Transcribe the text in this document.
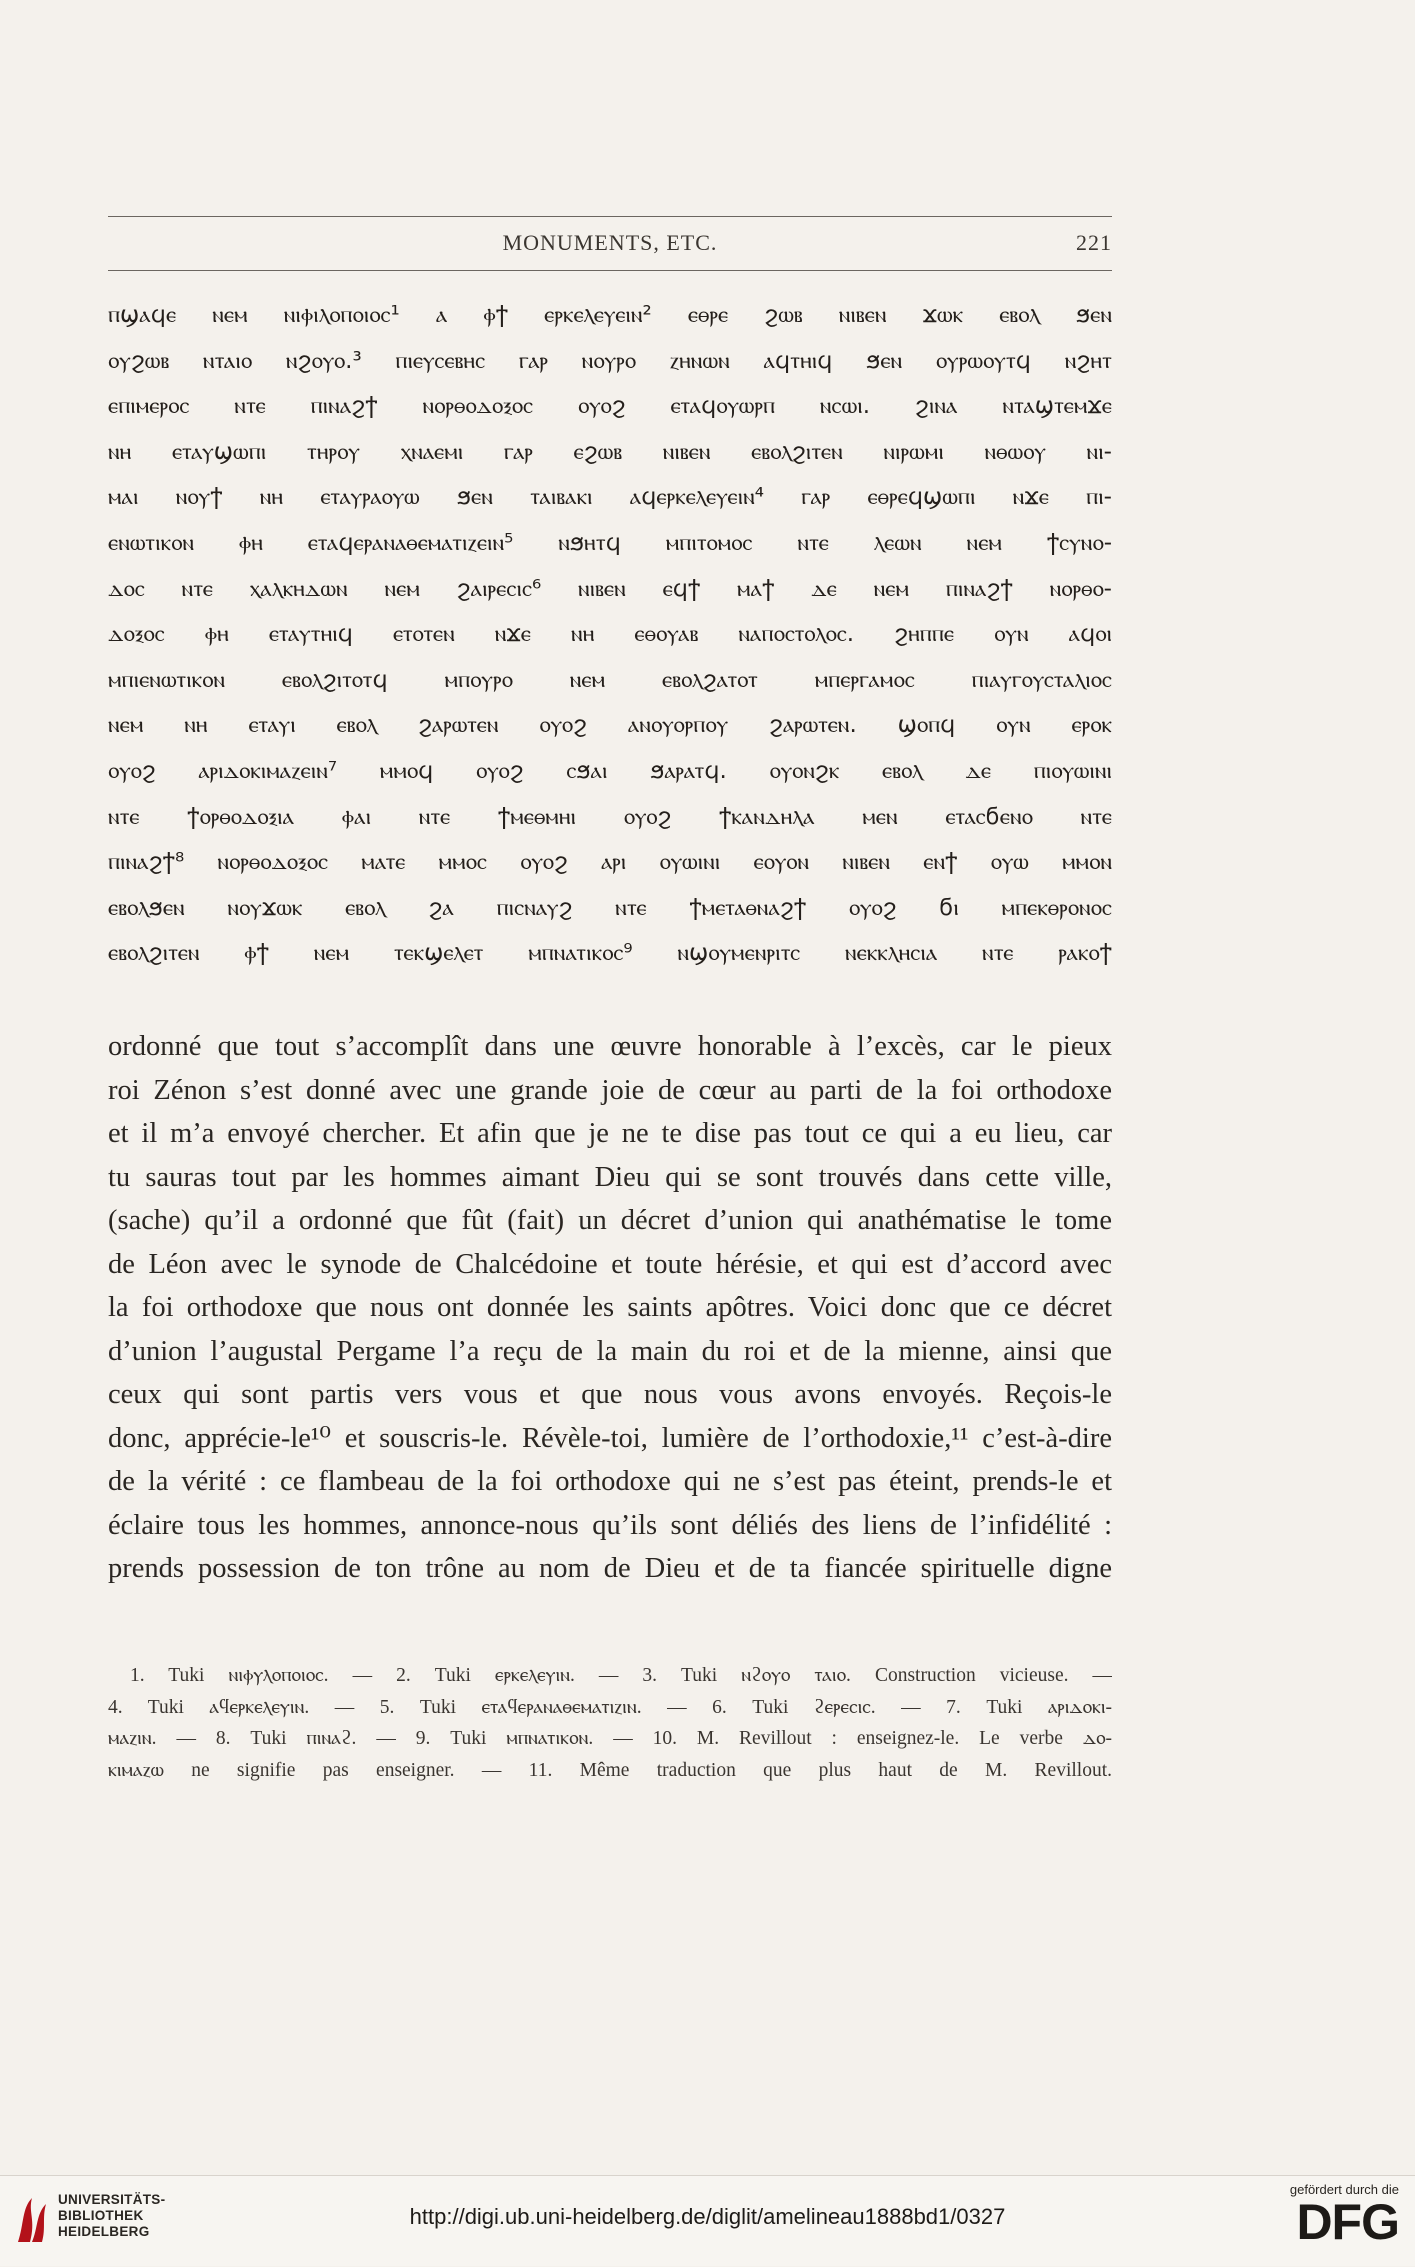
MONUMENTS, ETC.	221
ⲡϣⲁϥⲉ ⲛⲉⲙ ⲛⲓⲫⲓⲗⲟⲡⲟⲓⲟⲥ¹ ⲁ ⲫϯ ⲉⲣⲕⲉⲗⲉⲩⲉⲓⲛ² ⲉⲑⲣⲉ ϩⲱⲃ ⲛⲓⲃⲉⲛ ϫⲱⲕ ⲉⲃⲟⲗ ϧⲉⲛ
ⲟⲩϩⲱⲃ ⲛⲧⲁⲓⲟ ⲛϩⲟⲩⲟ.³ ⲡⲓⲉⲩⲥⲉⲃⲏⲥ ⲅⲁⲣ ⲛⲟⲩⲣⲟ ⲍⲏⲛⲱⲛ ⲁϥⲧⲏⲓϥ ϧⲉⲛ ⲟⲩⲣⲱⲟⲩⲧϥ ⲛϩⲏⲧ
ⲉⲡⲓⲙⲉⲣⲟⲥ ⲛⲧⲉ ⲡⲓⲛⲁϩϯ ⲛⲟⲣⲑⲟⲇⲟⲝⲟⲥ ⲟⲩⲟϩ ⲉⲧⲁϥⲟⲩⲱⲣⲡ ⲛⲥⲱⲓ. ϩⲓⲛⲁ ⲛⲧⲁϣⲧⲉⲙϫⲉ
ⲛⲏ ⲉⲧⲁⲩϣⲱⲡⲓ ⲧⲏⲣⲟⲩ ⲭⲛⲁⲉⲙⲓ ⲅⲁⲣ ⲉϩⲱⲃ ⲛⲓⲃⲉⲛ ⲉⲃⲟⲗϩⲓⲧⲉⲛ ⲛⲓⲣⲱⲙⲓ ⲛⲑⲱⲟⲩ ⲛⲓ-
ⲙⲁⲓ ⲛⲟⲩϯ ⲛⲏ ⲉⲧⲁⲩⲣⲁⲟⲩⲱ ϧⲉⲛ ⲧⲁⲓⲃⲁⲕⲓ ⲁϥⲉⲣⲕⲉⲗⲉⲩⲉⲓⲛ⁴ ⲅⲁⲣ ⲉⲑⲣⲉϥϣⲱⲡⲓ ⲛϫⲉ ⲡⲓ-
ⲉⲛⲱⲧⲓⲕⲟⲛ ⲫⲏ ⲉⲧⲁϥⲉⲣⲁⲛⲁⲑⲉⲙⲁⲧⲓⲍⲉⲓⲛ⁵ ⲛϧⲏⲧϥ ⲙⲡⲓⲧⲟⲙⲟⲥ ⲛⲧⲉ ⲗⲉⲱⲛ ⲛⲉⲙ ϯⲥⲩⲛⲟ-
ⲇⲟⲥ ⲛⲧⲉ ⲭⲁⲗⲕⲏⲇⲱⲛ ⲛⲉⲙ ϩⲁⲓⲣⲉⲥⲓⲥ⁶ ⲛⲓⲃⲉⲛ ⲉϥϯ ⲙⲁϯ ⲇⲉ ⲛⲉⲙ ⲡⲓⲛⲁϩϯ ⲛⲟⲣⲑⲟ-
ⲇⲟⲝⲟⲥ ⲫⲏ ⲉⲧⲁⲩⲧⲏⲓϥ ⲉⲧⲟⲧⲉⲛ ⲛϫⲉ ⲛⲏ ⲉⲑⲟⲩⲁⲃ ⲛⲁⲡⲟⲥⲧⲟⲗⲟⲥ. ϩⲏⲡⲡⲉ ⲟⲩⲛ ⲁϥⲟⲓ
ⲙⲡⲓⲉⲛⲱⲧⲓⲕⲟⲛ ⲉⲃⲟⲗϩⲓⲧⲟⲧϥ ⲙⲡⲟⲩⲣⲟ ⲛⲉⲙ ⲉⲃⲟⲗϩⲁⲧⲟⲧ ⲙⲡⲉⲣⲅⲁⲙⲟⲥ ⲡⲓⲁⲩⲅⲟⲩⲥⲧⲁⲗⲓⲟⲥ
ⲛⲉⲙ ⲛⲏ ⲉⲧⲁⲩⲓ ⲉⲃⲟⲗ ϩⲁⲣⲱⲧⲉⲛ ⲟⲩⲟϩ ⲁⲛⲟⲩⲟⲣⲡⲟⲩ ϩⲁⲣⲱⲧⲉⲛ. ϣⲟⲡϥ ⲟⲩⲛ ⲉⲣⲟⲕ
ⲟⲩⲟϩ ⲁⲣⲓⲇⲟⲕⲓⲙⲁⲍⲉⲓⲛ⁷ ⲙⲙⲟϥ ⲟⲩⲟϩ ⲥϧⲁⲓ ϧⲁⲣⲁⲧϥ. ⲟⲩⲟⲛϩⲕ ⲉⲃⲟⲗ ⲇⲉ ⲡⲓⲟⲩⲱⲓⲛⲓ
ⲛⲧⲉ ϯⲟⲣⲑⲟⲇⲟⲝⲓⲁ ⲫⲁⲓ ⲛⲧⲉ ϯⲙⲉⲑⲙⲏⲓ ⲟⲩⲟϩ ϯⲕⲁⲛⲇⲏⲗⲁ ⲙⲉⲛ ⲉⲧⲁⲥϭⲉⲛⲟ ⲛⲧⲉ
ⲡⲓⲛⲁϩϯ⁸ ⲛⲟⲣⲑⲟⲇⲟⲝⲟⲥ ⲙⲁⲧⲉ ⲙⲙⲟⲥ ⲟⲩⲟϩ ⲁⲣⲓ ⲟⲩⲱⲓⲛⲓ ⲉⲟⲩⲟⲛ ⲛⲓⲃⲉⲛ ⲉⲛϯ ⲟⲩⲱ ⲙⲙⲟⲛ
ⲉⲃⲟⲗϧⲉⲛ ⲛⲟⲩϫⲱⲕ ⲉⲃⲟⲗ ϩⲁ ⲡⲓⲥⲛⲁⲩϩ ⲛⲧⲉ ϯⲙⲉⲧⲁⲑⲛⲁϩϯ ⲟⲩⲟϩ ϭⲓ ⲙⲡⲉⲕⲑⲣⲟⲛⲟⲥ
ⲉⲃⲟⲗϩⲓⲧⲉⲛ ⲫϯ ⲛⲉⲙ ⲧⲉⲕϣⲉⲗⲉⲧ ⲙⲡⲛⲁⲧⲓⲕⲟⲥ⁹ ⲛϣⲟⲩⲙⲉⲛⲣⲓⲧⲥ ⲛⲉⲕⲕⲗⲏⲥⲓⲁ ⲛⲧⲉ ⲣⲁⲕⲟϯ
ordonné que tout s’accomplît dans une œuvre honorable à l’excès, car le pieux
roi Zénon s’est donné avec une grande joie de cœur au parti de la foi orthodoxe
et il m’a envoyé chercher. Et afin que je ne te dise pas tout ce qui a eu lieu, car
tu sauras tout par les hommes aimant Dieu qui se sont trouvés dans cette ville,
(sache) qu’il a ordonné que fût (fait) un décret d’union qui anathématise le tome
de Léon avec le synode de Chalcédoine et toute hérésie, et qui est d’accord avec
la foi orthodoxe que nous ont donnée les saints apôtres. Voici donc que ce décret
d’union l’augustal Pergame l’a reçu de la main du roi et de la mienne, ainsi que
ceux qui sont partis vers vous et que nous vous avons envoyés. Reçois-le
donc, apprécie-le¹⁰ et souscris-le. Révèle-toi, lumière de l’orthodoxie,¹¹ c’est-à-dire
de la vérité : ce flambeau de la foi orthodoxe qui ne s’est pas éteint, prends-le et
éclaire tous les hommes, annonce-nous qu’ils sont déliés des liens de l’infidélité :
prends possession de ton trône au nom de Dieu et de ta fiancée spirituelle digne
1. Tuki ⲛⲓⲫⲩⲗⲟⲡⲟⲓⲟⲥ. — 2. Tuki ⲉⲣⲕⲉⲗⲉⲩⲓⲛ. — 3. Tuki ⲛϩⲟⲩⲟ ⲧⲁⲓⲟ. Construction vicieuse. —
4. Tuki ⲁϥⲉⲣⲕⲉⲗⲉⲩⲓⲛ. — 5. Tuki ⲉⲧⲁϥⲉⲣⲁⲛⲁⲑⲉⲙⲁⲧⲓⲍⲓⲛ. — 6. Tuki ϩⲉⲣⲉⲥⲓⲥ. — 7. Tuki ⲁⲣⲓⲇⲟⲕⲓ-
ⲙⲁⲍⲓⲛ. — 8. Tuki ⲡⲓⲛⲁϩ. — 9. Tuki ⲙⲡⲛⲁⲧⲓⲕⲟⲛ. — 10. M. Revillout : enseignez-le. Le verbe ⲇⲟ-
ⲕⲓⲙⲁⲍⲱ ne signifie pas enseigner. — 11. Même traduction que plus haut de M. Revillout.
UNIVERSITÄTS-
BIBLIOTHEK
HEIDELBERG
http://digi.ub.uni-heidelberg.de/diglit/amelineau1888bd1/0327
gefördert durch die
DFG
